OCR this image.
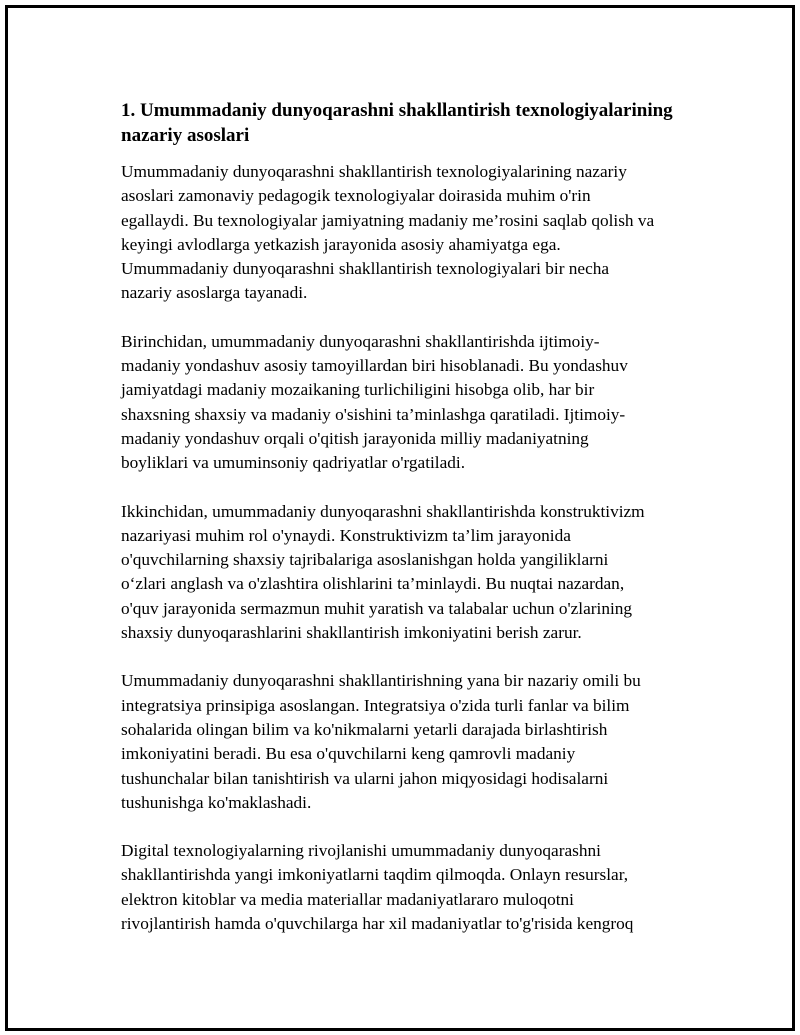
1. Umummadaniy dunyoqarashni shakllantirish texnologiyalarining nazariy asoslari

Umummadaniy dunyoqarashni shakllantirish texnologiyalarining nazariy
asoslari zamonaviy pedagogik texnologiyalar doirasida muhim o'rin
egallaydi. Bu texnologiyalar jamiyatning madaniy me’rosini saqlab qolish va
keyingi avlodlarga yetkazish jarayonida asosiy ahamiyatga ega.
Umummadaniy dunyoqarashni shakllantirish texnologiyalari bir necha
nazariy asoslarga tayanadi.

Birinchidan, umummadaniy dunyoqarashni shakllantirishda ijtimoiy-
madaniy yondashuv asosiy tamoyillardan biri hisoblanadi. Bu yondashuv
jamiyatdagi madaniy mozaikaning turlichiligini hisobga olib, har bir
shaxsning shaxsiy va madaniy o'sishini ta’minlashga qaratiladi. Ijtimoiy-
madaniy yondashuv orqali o'qitish jarayonida milliy madaniyatning
boyliklari va umuminsoniy qadriyatlar o'rgatiladi.

Ikkinchidan, umummadaniy dunyoqarashni shakllantirishda konstruktivizm
nazariyasi muhim rol o'ynaydi. Konstruktivizm ta’lim jarayonida
o'quvchilarning shaxsiy tajribalariga asoslanishgan holda yangiliklarni
o‘zlari anglash va o'zlashtira olishlarini ta’minlaydi. Bu nuqtai nazardan,
o'quv jarayonida sermazmun muhit yaratish va talabalar uchun o'zlarining
shaxsiy dunyoqarashlarini shakllantirish imkoniyatini berish zarur.

Umummadaniy dunyoqarashni shakllantirishning yana bir nazariy omili bu
integratsiya prinsipiga asoslangan. Integratsiya o'zida turli fanlar va bilim
sohalarida olingan bilim va ko'nikmalarni yetarli darajada birlashtirish
imkoniyatini beradi. Bu esa o'quvchilarni keng qamrovli madaniy
tushunchalar bilan tanishtirish va ularni jahon miqyosidagi hodisalarni
tushunishga ko'maklashadi.

Digital texnologiyalarning rivojlanishi umummadaniy dunyoqarashni
shakllantirishda yangi imkoniyatlarni taqdim qilmoqda. Onlayn resurslar,
elektron kitoblar va media materiallar madaniyatlararo muloqotni
rivojlantirish hamda o'quvchilarga har xil madaniyatlar to'g'risida kengroq
